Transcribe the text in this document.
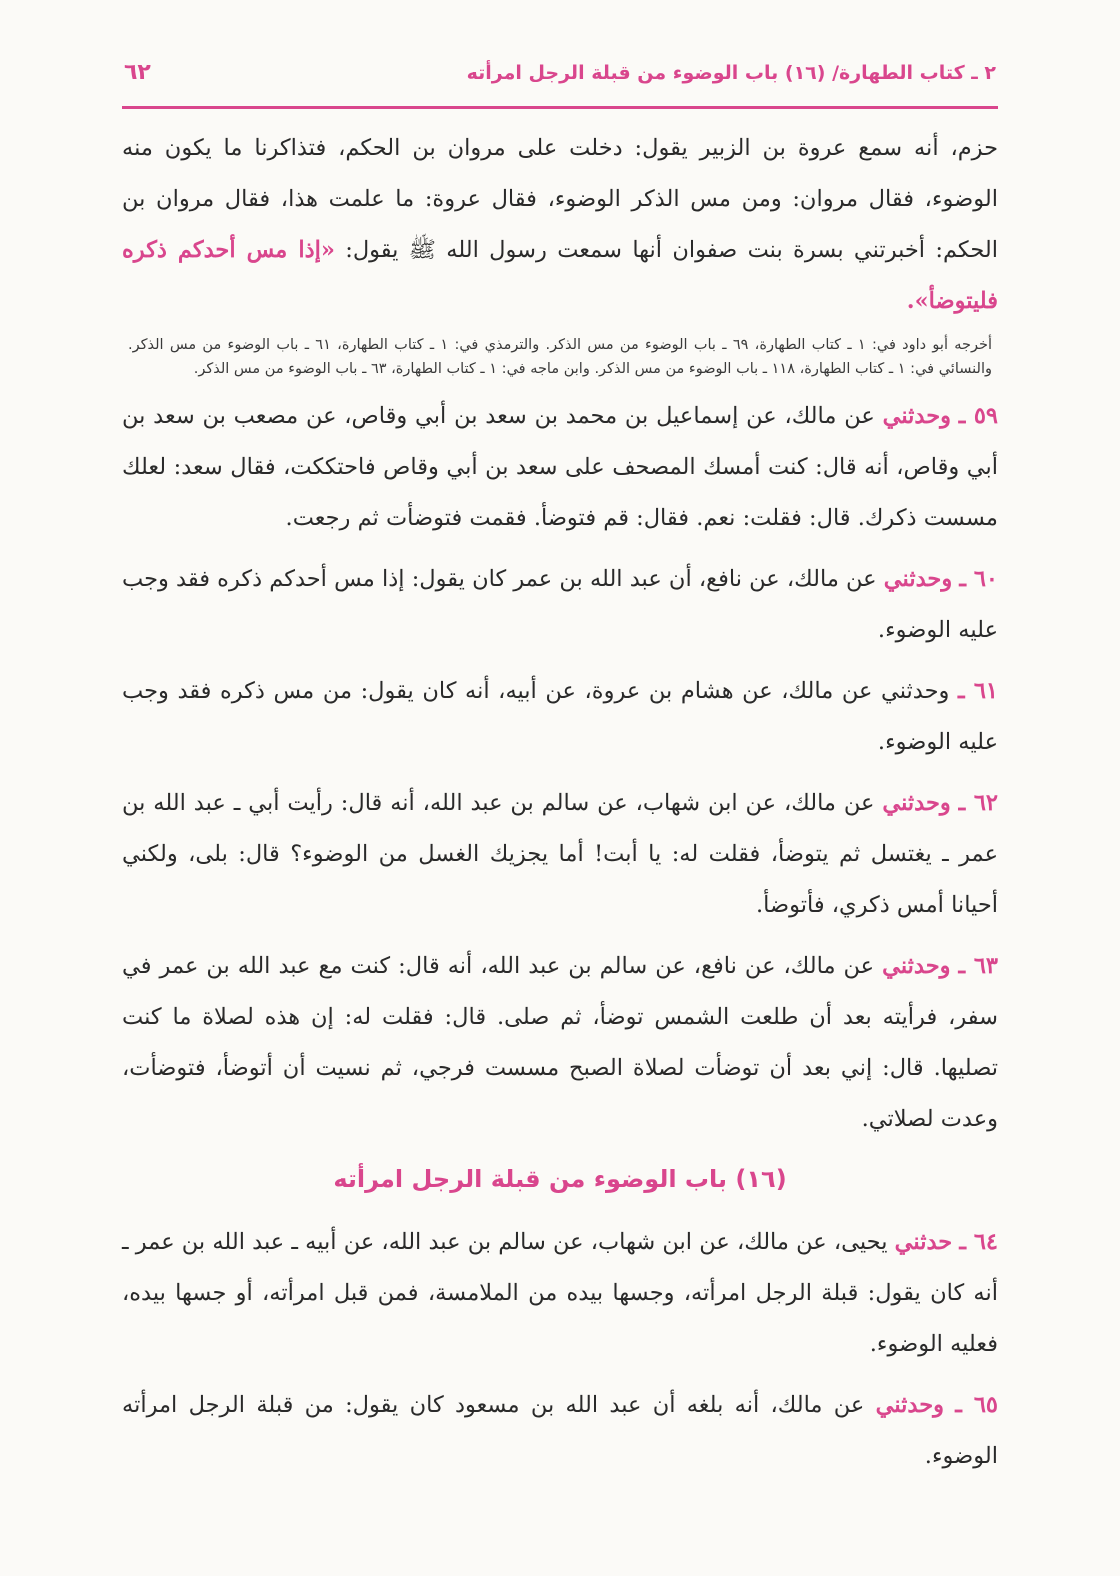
٢ ـ كتاب الطهارة/ (١٦) باب الوضوء من قبلة الرجل امرأته
٦٢

حزم، أنه سمع عروة بن الزبير يقول: دخلت على مروان بن الحكم، فتذاكرنا ما يكون منه الوضوء، فقال مروان: ومن مس الذكر الوضوء، فقال عروة: ما علمت هذا، فقال مروان بن الحكم: أخبرتني بسرة بنت صفوان أنها سمعت رسول الله ﷺ يقول: «إذا مس أحدكم ذكره فليتوضأ».

أخرجه أبو داود في: ١ ـ كتاب الطهارة، ٦٩ ـ باب الوضوء من مس الذكر. والترمذي في: ١ ـ كتاب الطهارة، ٦١ ـ باب الوضوء من مس الذكر. والنسائي في: ١ ـ كتاب الطهارة، ١١٨ ـ باب الوضوء من مس الذكر. وابن ماجه في: ١ ـ كتاب الطهارة، ٦٣ ـ باب الوضوء من مس الذكر.

٥٩ ـ وحدثني عن مالك، عن إسماعيل بن محمد بن سعد بن أبي وقاص، عن مصعب بن سعد بن أبي وقاص، أنه قال: كنت أمسك المصحف على سعد بن أبي وقاص فاحتككت، فقال سعد: لعلك مسست ذكرك. قال: فقلت: نعم. فقال: قم فتوضأ. فقمت فتوضأت ثم رجعت.

٦٠ ـ وحدثني عن مالك، عن نافع، أن عبد الله بن عمر كان يقول: إذا مس أحدكم ذكره فقد وجب عليه الوضوء.

٦١ ـ وحدثني عن مالك، عن هشام بن عروة، عن أبيه، أنه كان يقول: من مس ذكره فقد وجب عليه الوضوء.

٦٢ ـ وحدثني عن مالك، عن ابن شهاب، عن سالم بن عبد الله، أنه قال: رأيت أبي ـ عبد الله بن عمر ـ يغتسل ثم يتوضأ، فقلت له: يا أبت! أما يجزيك الغسل من الوضوء؟ قال: بلى، ولكني أحيانا أمس ذكري، فأتوضأ.

٦٣ ـ وحدثني عن مالك، عن نافع، عن سالم بن عبد الله، أنه قال: كنت مع عبد الله بن عمر في سفر، فرأيته بعد أن طلعت الشمس توضأ، ثم صلى. قال: فقلت له: إن هذه لصلاة ما كنت تصليها. قال: إني بعد أن توضأت لصلاة الصبح مسست فرجي، ثم نسيت أن أتوضأ، فتوضأت، وعدت لصلاتي.

(١٦) باب الوضوء من قبلة الرجل امرأته

٦٤ ـ حدثني يحيى، عن مالك، عن ابن شهاب، عن سالم بن عبد الله، عن أبيه ـ عبد الله بن عمر ـ أنه كان يقول: قبلة الرجل امرأته، وجسها بيده من الملامسة، فمن قبل امرأته، أو جسها بيده، فعليه الوضوء.

٦٥ ـ وحدثني عن مالك، أنه بلغه أن عبد الله بن مسعود كان يقول: من قبلة الرجل امرأته الوضوء.
